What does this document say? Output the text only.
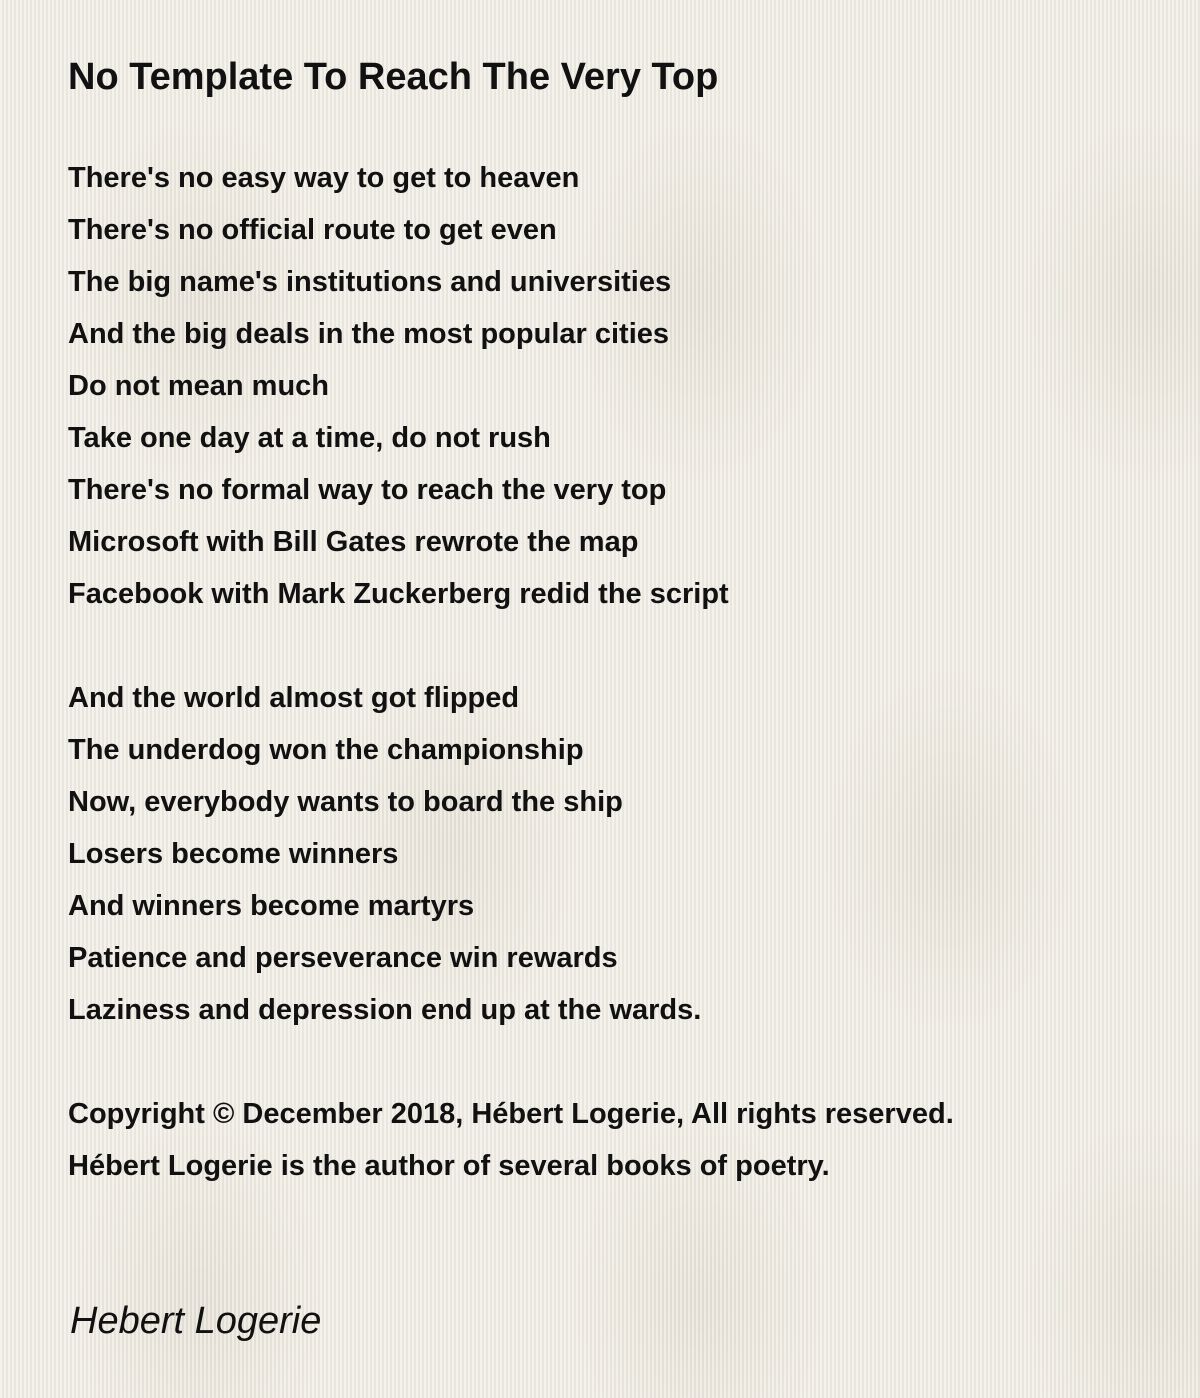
No Template To Reach The Very Top
There's no easy way to get to heaven
There's no official route to get even
The big name's institutions and universities
And the big deals in the most popular cities
Do not mean much
Take one day at a time, do not rush
There's no formal way to reach the very top
Microsoft with Bill Gates rewrote the map
Facebook with Mark Zuckerberg redid the script
And the world almost got flipped
The underdog won the championship
Now, everybody wants to board the ship
Losers become winners
And winners become martyrs
Patience and perseverance win rewards
Laziness and depression end up at the wards.
Copyright © December 2018, Hébert Logerie, All rights reserved.
Hébert Logerie is the author of several books of poetry.
Hebert Logerie
